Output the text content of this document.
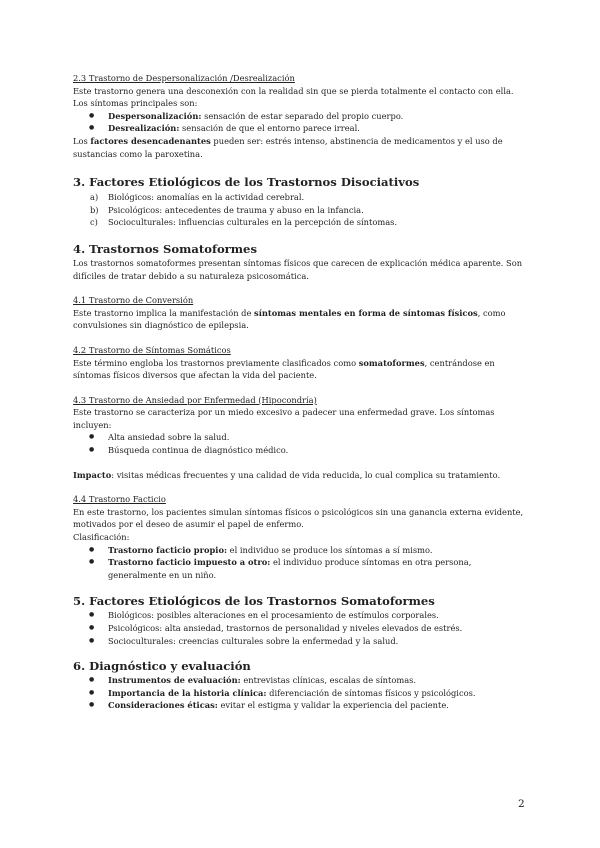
2.3 Trastorno de Despersonalización /Desrealización

Este trastorno genera una desconexión con la realidad sin que se pierda totalmente el contacto con ella.

Los síntomas principales son:

● Despersonalización: sensación de estar separado del propio cuerpo.
● Desrealización: sensación de que el entorno parece irreal.

Los factores desencadenantes pueden ser: estrés intenso, abstinencia de medicamentos y el uso de sustancias como la paroxetina.

3. Factores Etiológicos de los Trastornos Disociativos

a) Biológicos: anomalías en la actividad cerebral.
b) Psicológicos: antecedentes de trauma y abuso en la infancia.
c) Socioculturales: influencias culturales en la percepción de síntomas.

4. Trastornos Somatoformes

Los trastornos somatoformes presentan síntomas físicos que carecen de explicación médica aparente. Son difíciles de tratar debido a su naturaleza psicosomática.

4.1 Trastorno de Conversión

Este trastorno implica la manifestación de síntomas mentales en forma de síntomas físicos, como convulsiones sin diagnóstico de epilepsia.

4.2 Trastorno de Síntomas Somáticos

Este término engloba los trastornos previamente clasificados como somatoformes, centrándose en síntomas físicos diversos que afectan la vida del paciente.

4.3 Trastorno de Ansiedad por Enfermedad (Hipocondría)

Este trastorno se caracteriza por un miedo excesivo a padecer una enfermedad grave. Los síntomas incluyen:

● Alta ansiedad sobre la salud.
● Búsqueda continua de diagnóstico médico.

Impacto: visitas médicas frecuentes y una calidad de vida reducida, lo cual complica su tratamiento.

4.4 Trastorno Facticio

En este trastorno, los pacientes simulan síntomas físicos o psicológicos sin una ganancia externa evidente, motivados por el deseo de asumir el papel de enfermo.

Clasificación:

● Trastorno facticio propio: el individuo se produce los síntomas a sí mismo.
● Trastorno facticio impuesto a otro: el individuo produce síntomas en otra persona, generalmente en un niño.

5. Factores Etiológicos de los Trastornos Somatoformes

● Biológicos: posibles alteraciones en el procesamiento de estímulos corporales.
● Psicológicos: alta ansiedad, trastornos de personalidad y niveles elevados de estrés.
● Socioculturales: creencias culturales sobre la enfermedad y la salud.

6. Diagnóstico y evaluación

● Instrumentos de evaluación: entrevistas clínicas, escalas de síntomas.
● Importancia de la historia clínica: diferenciación de síntomas físicos y psicológicos.
● Consideraciones éticas: evitar el estigma y validar la experiencia del paciente.
2
